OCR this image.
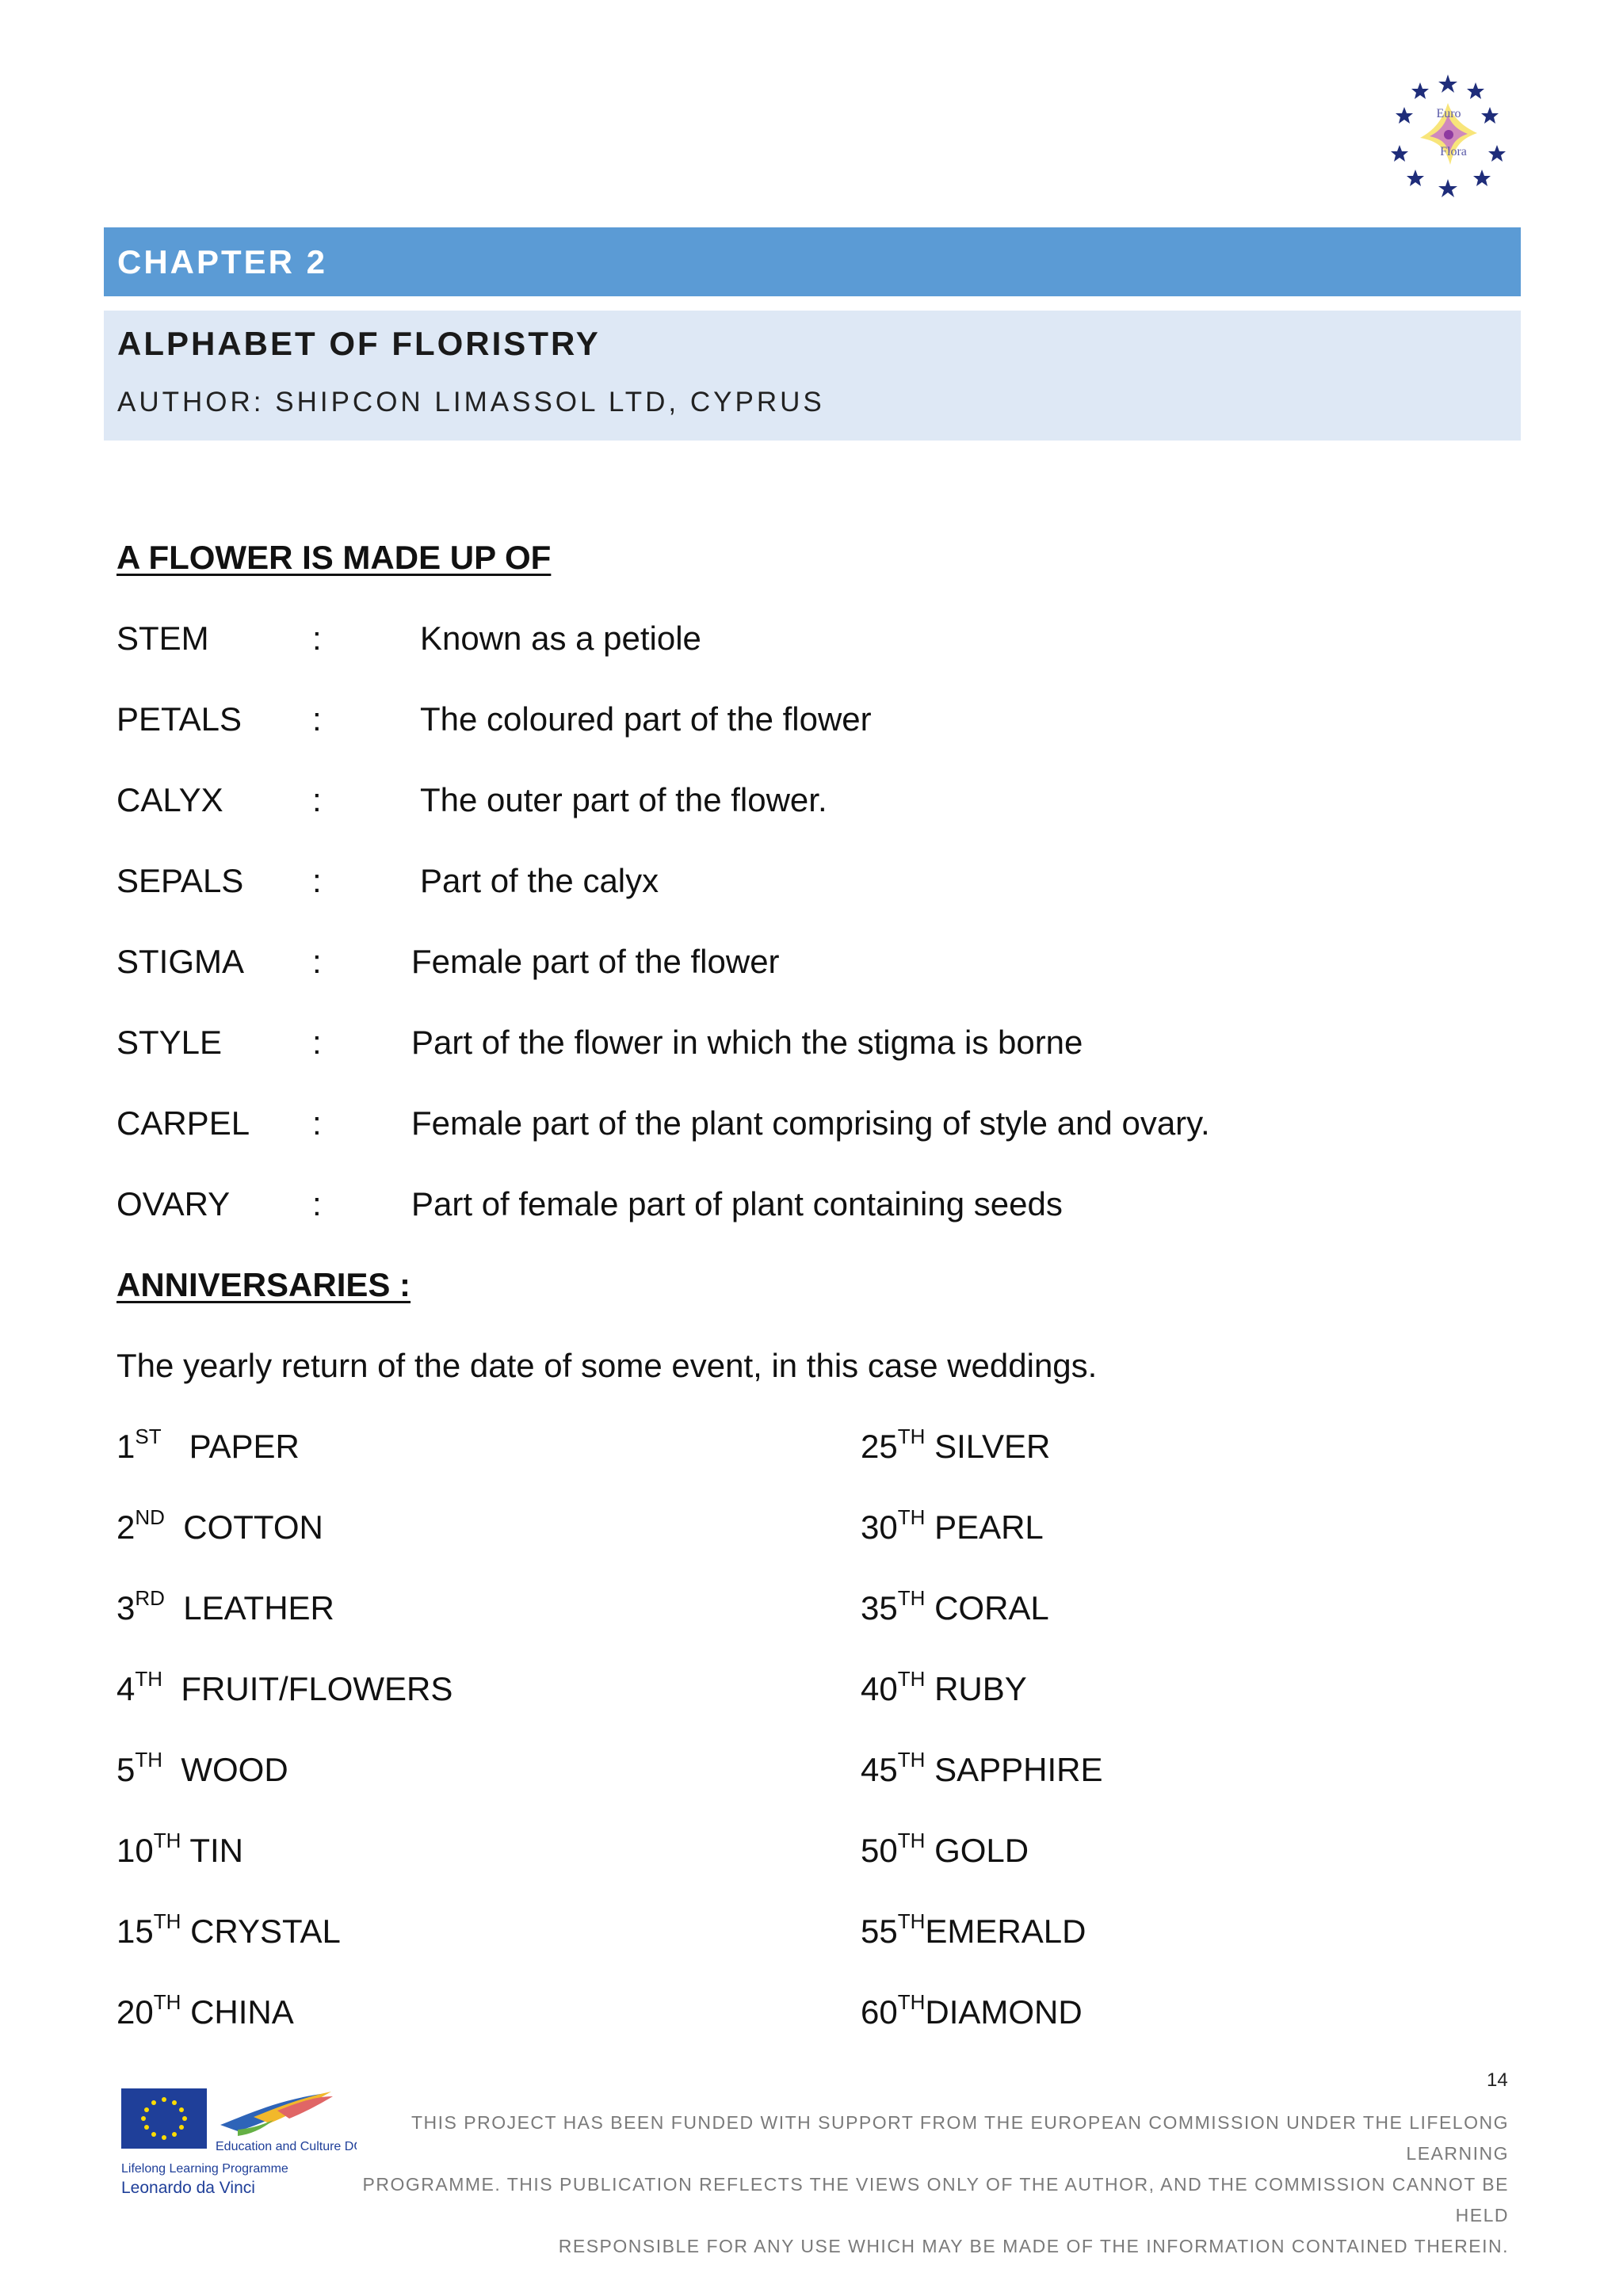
Euro
Flora
CHAPTER 2
ALPHABET OF FLORISTRY
AUTHOR: SHIPCON LIMASSOL LTD, CYPRUS
A FLOWER IS MADE UP OF
STEM	:	Known as a petiole
PETALS :	The coloured part of the flower
CALYX	:	The outer part of the flower.
SEPALS :	Part of the calyx
STIGMA :	Female part of the flower
STYLE	:	Part of the flower in which the stigma is borne
CARPEL :	Female part of the plant comprising of style and ovary.
OVARY :	Part of female part of plant containing seeds
ANNIVERSARIES :
The yearly return of the date of some event, in this case weddings.
1ST PAPER	25TH SILVER
2ND COTTON	30TH PEARL
3RD LEATHER	35TH CORAL
4TH FRUIT/FLOWERS	40TH RUBY
5TH WOOD	45TH SAPPHIRE
10TH TIN	50TH GOLD
15TH CRYSTAL	55THEMERALD
20TH CHINA	60THDIAMOND
14
Education and Culture DG
Lifelong Learning Programme
Leonardo da Vinci
THIS PROJECT HAS BEEN FUNDED WITH SUPPORT FROM THE EUROPEAN COMMISSION UNDER THE LIFELONG LEARNING
PROGRAMME. THIS PUBLICATION REFLECTS THE VIEWS ONLY OF THE AUTHOR, AND THE COMMISSION CANNOT BE HELD
RESPONSIBLE FOR ANY USE WHICH MAY BE MADE OF THE INFORMATION CONTAINED THEREIN.
